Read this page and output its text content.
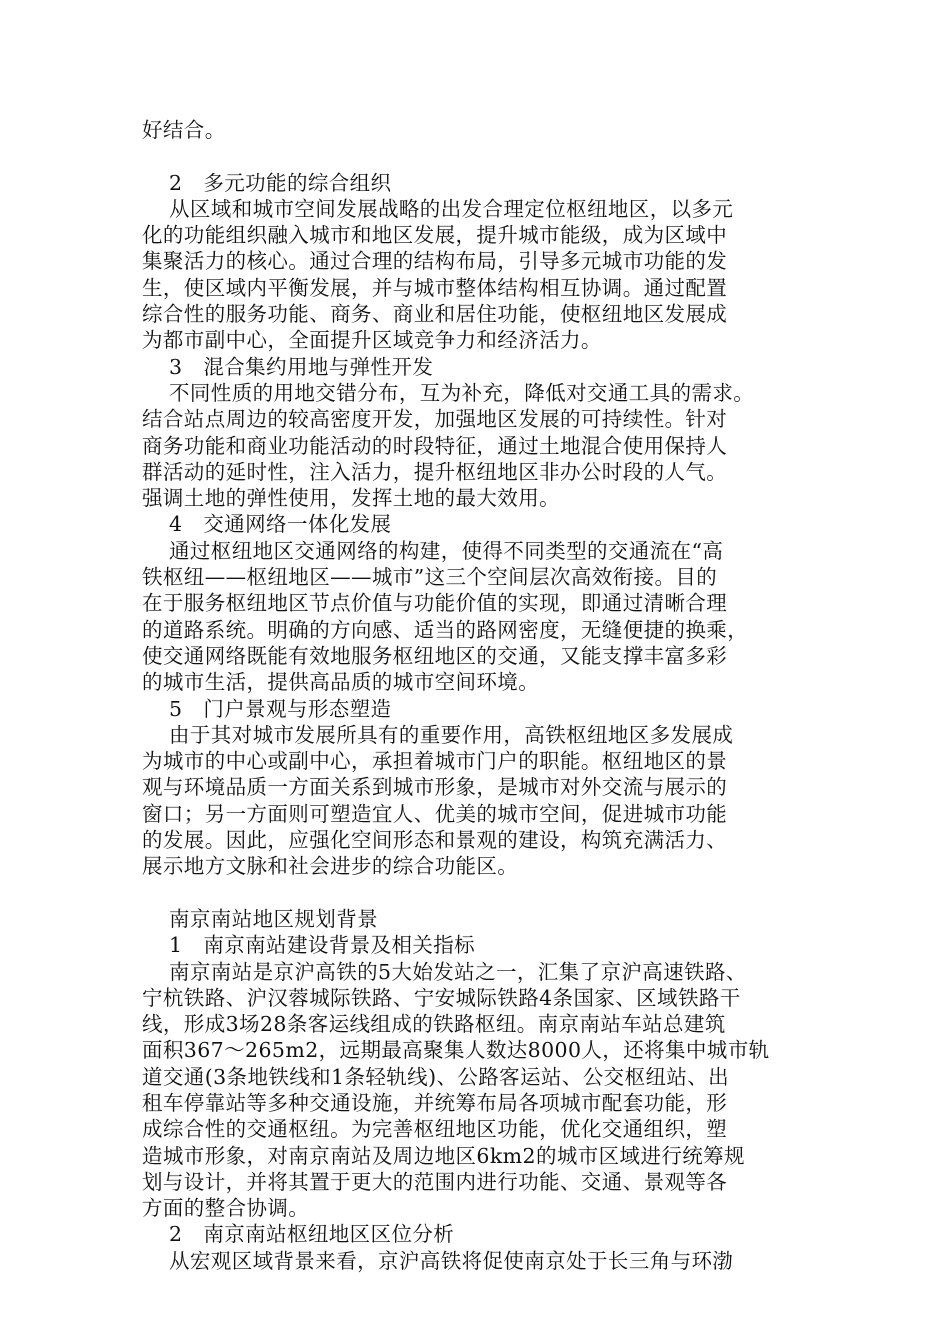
好结合。
2　多元功能的综合组织
从区域和城市空间发展战略的出发合理定位枢纽地区，以多元
化的功能组织融入城市和地区发展，提升城市能级，成为区域中
集聚活力的核心。通过合理的结构布局，引导多元城市功能的发
生，使区域内平衡发展，并与城市整体结构相互协调。通过配置
综合性的服务功能、商务、商业和居住功能，使枢纽地区发展成
为都市副中心，全面提升区域竞争力和经济活力。
3　混合集约用地与弹性开发
不同性质的用地交错分布，互为补充，降低对交通工具的需求。
结合站点周边的较高密度开发，加强地区发展的可持续性。针对
商务功能和商业功能活动的时段特征，通过土地混合使用保持人
群活动的延时性，注入活力，提升枢纽地区非办公时段的人气。
强调土地的弹性使用，发挥土地的最大效用。
4　交通网络一体化发展
通过枢纽地区交通网络的构建，使得不同类型的交通流在“高
铁枢纽——枢纽地区——城市”这三个空间层次高效衔接。目的
在于服务枢纽地区节点价值与功能价值的实现，即通过清晰合理
的道路系统。明确的方向感、适当的路网密度，无缝便捷的换乘，
使交通网络既能有效地服务枢纽地区的交通，又能支撑丰富多彩
的城市生活，提供高品质的城市空间环境。
5　门户景观与形态塑造
由于其对城市发展所具有的重要作用，高铁枢纽地区多发展成
为城市的中心或副中心，承担着城市门户的职能。枢纽地区的景
观与环境品质一方面关系到城市形象，是城市对外交流与展示的
窗口；另一方面则可塑造宜人、优美的城市空间，促进城市功能
的发展。因此，应强化空间形态和景观的建设，构筑充满活力、
展示地方文脉和社会进步的综合功能区。
南京南站地区规划背景
1　南京南站建设背景及相关指标
南京南站是京沪高铁的5大始发站之一，汇集了京沪高速铁路、
宁杭铁路、沪汉蓉城际铁路、宁安城际铁路4条国家、区域铁路干
线，形成3场28条客运线组成的铁路枢纽。南京南站车站总建筑
面积367～265m2，远期最高聚集人数达8000人，还将集中城市轨
道交通(3条地铁线和1条轻轨线)、公路客运站、公交枢纽站、出
租车停靠站等多种交通设施，并统筹布局各项城市配套功能，形
成综合性的交通枢纽。为完善枢纽地区功能，优化交通组织，塑
造城市形象，对南京南站及周边地区6km2的城市区域进行统筹规
划与设计，并将其置于更大的范围内进行功能、交通、景观等各
方面的整合协调。
2　南京南站枢纽地区区位分析
从宏观区域背景来看，京沪高铁将促使南京处于长三角与环渤
